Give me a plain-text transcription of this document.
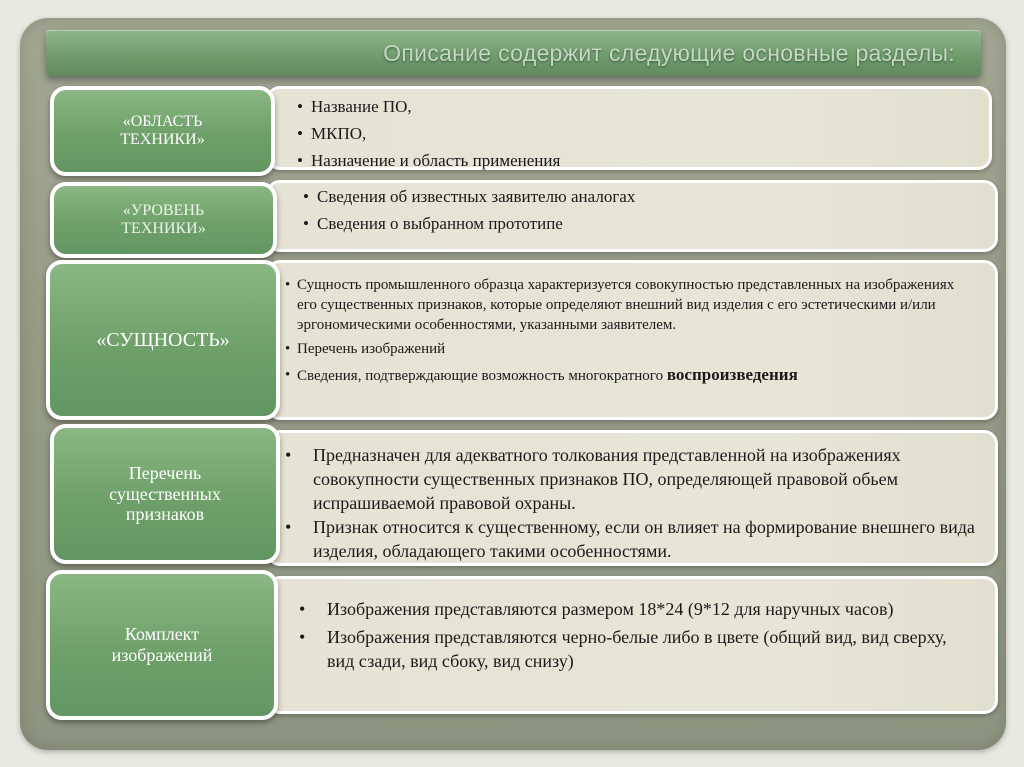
Описание содержит следующие основные разделы:
• Название ПО,
• МКПО,
• Назначение и область применения
«ОБЛАСТЬ ТЕХНИКИ»
• Сведения об известных заявителю аналогах
• Сведения о выбранном прототипе
«УРОВЕНЬ ТЕХНИКИ»
• Сущность промышленного образца характеризуется совокупностью представленных на изображениях его существенных признаков, которые определяют внешний вид изделия с его эстетическими и/или эргономическими особенностями, указанными заявителем.
• Перечень изображений
• Сведения, подтверждающие возможность многократного воспроизведения
«СУЩНОСТЬ»
• Предназначен для адекватного толкования представленной на изображениях совокупности существенных признаков ПО, определяющей правовой обьем испрашиваемой правовой охраны.
• Признак относится к существенному, если он влияет на формирование внешнего вида изделия, обладающего такими особенностями.
Перечень существенных признаков
• Изображения представляются размером 18*24 (9*12 для наручных часов)
• Изображения представляются черно-белые либо в цвете (общий вид, вид сверху, вид сзади, вид сбоку, вид снизу)
Комплект изображений
